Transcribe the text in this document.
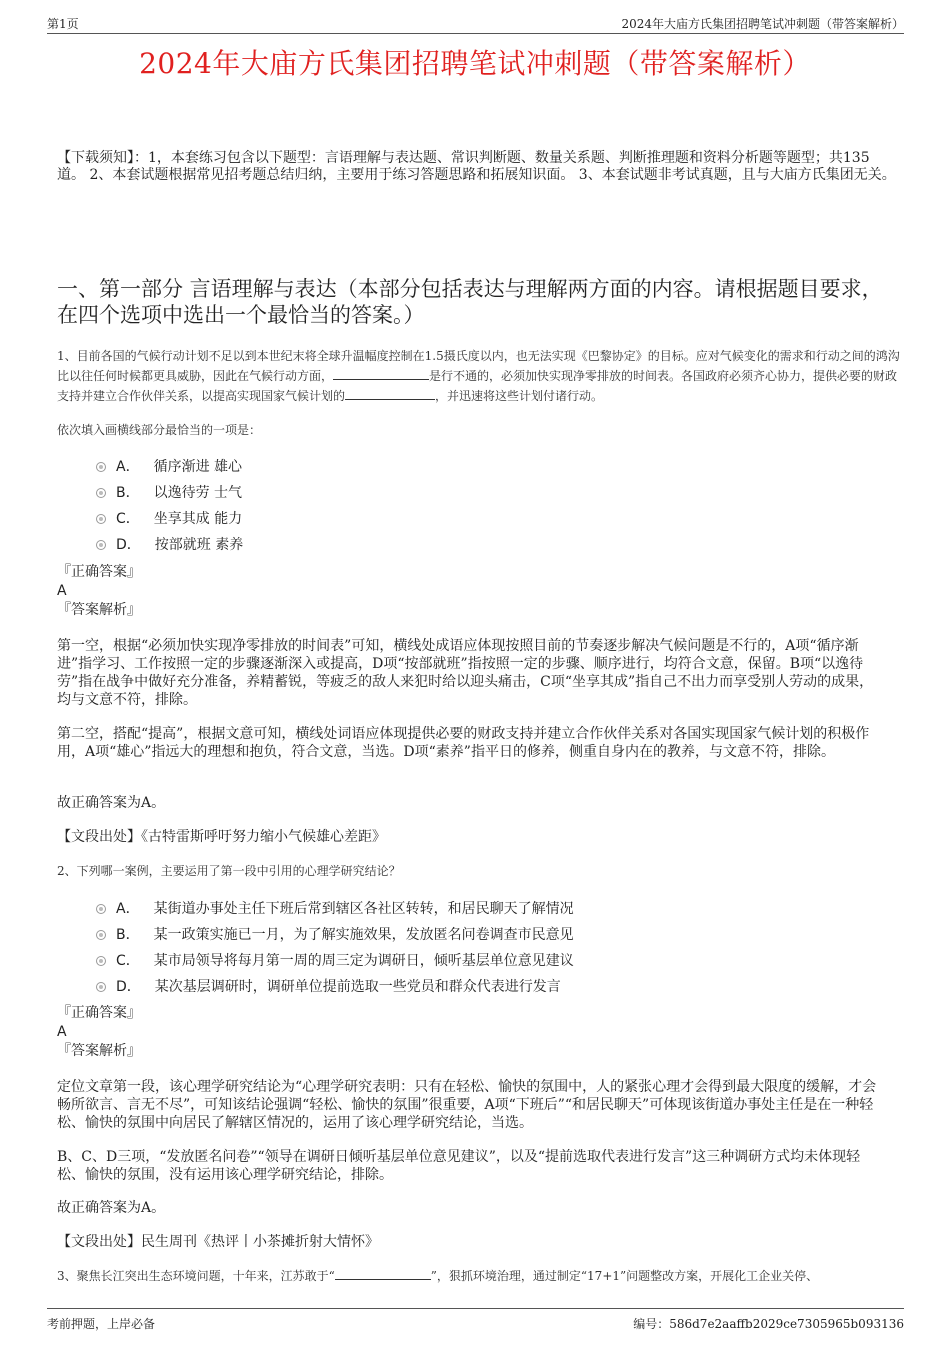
第1页	2024年大庙方氏集团招聘笔试冲刺题（带答案解析）
2024年大庙方氏集团招聘笔试冲刺题（带答案解析）
【下载须知】：1，本套练习包含以下题型：言语理解与表达题、常识判断题、数量关系题、判断推理题和资料分析题等题型；共135道。 2、本套试题根据常见招考题总结归纳，主要用于练习答题思路和拓展知识面。 3、本套试题非考试真题，且与大庙方氏集团无关。
一、第一部分 言语理解与表达（本部分包括表达与理解两方面的内容。请根据题目要求，在四个选项中选出一个最恰当的答案。）
1、目前各国的气候行动计划不足以到本世纪末将全球升温幅度控制在1.5摄氏度以内，也无法实现《巴黎协定》的目标。应对气候变化的需求和行动之间的鸿沟比以往任何时候都更具威胁，因此在气候行动方面，	是行不通的，必须加快实现净零排放的时间表。各国政府必须齐心协力，提供必要的财政支持并建立合作伙伴关系，以提高实现国家气候计划的	，并迅速将这些计划付诸行动。
依次填入画横线部分最恰当的一项是：
A． 循序渐进 雄心
B． 以逸待劳 士气
C． 坐享其成 能力
D． 按部就班 素养
『正确答案』
A
『答案解析』
第一空，根据“必须加快实现净零排放的时间表”可知，横线处成语应体现按照目前的节奏逐步解决气候问题是不行的，A项“循序渐进”指学习、工作按照一定的步骤逐渐深入或提高，D项“按部就班”指按照一定的步骤、顺序进行，均符合文意，保留。B项“以逸待劳”指在战争中做好充分准备，养精蓄锐，等疲乏的敌人来犯时给以迎头痛击，C项“坐享其成”指自己不出力而享受别人劳动的成果，均与文意不符，排除。
第二空，搭配“提高”，根据文意可知，横线处词语应体现提供必要的财政支持并建立合作伙伴关系对各国实现国家气候计划的积极作用，A项“雄心”指远大的理想和抱负，符合文意，当选。D项“素养”指平日的修养，侧重自身内在的教养，与文意不符，排除。
故正确答案为A。
【文段出处】《古特雷斯呼吁努力缩小气候雄心差距》
2、下列哪一案例，主要运用了第一段中引用的心理学研究结论？
A． 某街道办事处主任下班后常到辖区各社区转转，和居民聊天了解情况
B． 某一政策实施已一月，为了解实施效果，发放匿名问卷调查市民意见
C． 某市局领导将每月第一周的周三定为调研日，倾听基层单位意见建议
D． 某次基层调研时，调研单位提前选取一些党员和群众代表进行发言
『正确答案』
A
『答案解析』
定位文章第一段，该心理学研究结论为“心理学研究表明：只有在轻松、愉快的氛围中，人的紧张心理才会得到最大限度的缓解，才会畅所欲言、言无不尽”，可知该结论强调“轻松、愉快的氛围”很重要，A项“下班后”“和居民聊天”可体现该街道办事处主任是在一种轻松、愉快的氛围中向居民了解辖区情况的，运用了该心理学研究结论，当选。
B、C、D三项，“发放匿名问卷”“领导在调研日倾听基层单位意见建议”，以及“提前选取代表进行发言”这三种调研方式均未体现轻松、愉快的氛围，没有运用该心理学研究结论，排除。
故正确答案为A。
【文段出处】民生周刊《热评丨小茶摊折射大情怀》
3、聚焦长江突出生态环境问题，十年来，江苏敢于“	”，狠抓环境治理，通过制定“17+1”问题整改方案，开展化工企业关停、
考前押题，上岸必备	编号：586d7e2aaffb2029ce7305965b093136
